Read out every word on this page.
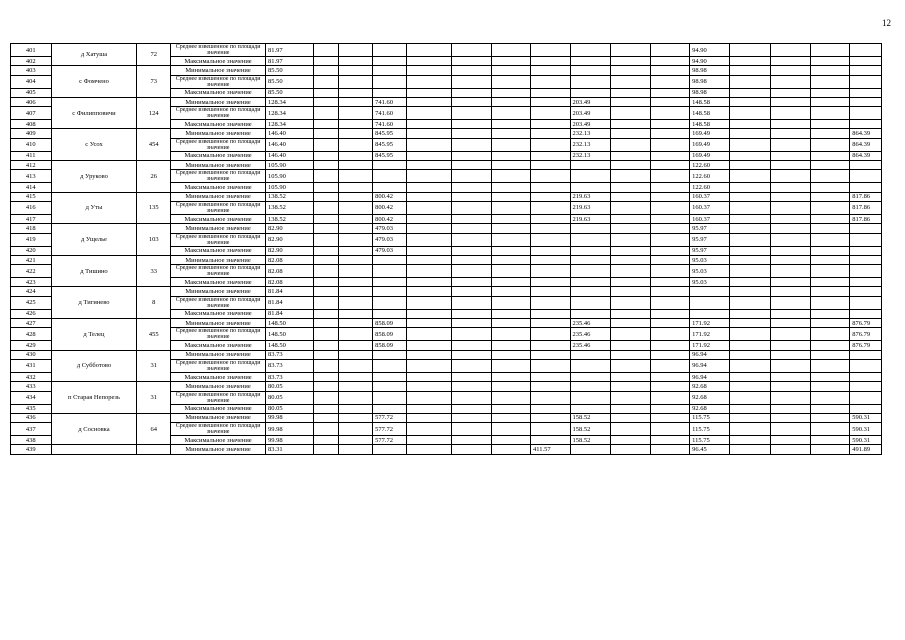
12
401	д Хатуша	72	Среднее взвешенное по площади значение	81.97											94.90				
402			Максимальное значение	81.97											94.90				
403	с Фомчено	73	Минимальное значение	85.50											98.98				
404			Среднее взвешенное по площади значение	85.50											98.98				
405			Максимальное значение	85.50											98.98				
406	с Филипповичи	124	Минимальное значение	128.34			741.60					203.49			148.58				
407			Среднее взвешенное по площади значение	128.34			741.60					203.49			148.58				
408			Максимальное значение	128.34			741.60					203.49			148.58				
409	с Усох	454	Минимальное значение	146.40			845.95					232.13			169.49				864.39
410			Среднее взвешенное по площади значение	146.40			845.95					232.13			169.49				864.39
411			Максимальное значение	146.40			845.95					232.13			169.49				864.39
412	д Уруково	26	Минимальное значение	105.90											122.60				
413			Среднее взвешенное по площади значение	105.90											122.60				
414			Максимальное значение	105.90											122.60				
415	д Уты	135	Минимальное значение	138.52			800.42					219.63			160.37				817.86
416			Среднее взвешенное по площади значение	138.52			800.42					219.63			160.37				817.86
417			Максимальное значение	138.52			800.42					219.63			160.37				817.86
418	д Ущелье	103	Минимальное значение	82.90			479.03								95.97				
419			Среднее взвешенное по площади значение	82.90			479.03								95.97				
420			Максимальное значение	82.90			479.03								95.97				
421	д Тишино	33	Минимальное значение	82.08											95.03				
422			Среднее взвешенное по площади значение	82.08											95.03				
423			Максимальное значение	82.08											95.03				
424	д Тигинево	8	Минимальное значение	81.84															
425			Среднее взвешенное по площади значение	81.84															
426			Максимальное значение	81.84															
427	д Телец	455	Минимальное значение	148.50			858.09					235.46			171.92				876.79
428			Среднее взвешенное по площади значение	148.50			858.09					235.46			171.92				876.79
429			Максимальное значение	148.50			858.09					235.46			171.92				876.79
430	д Субботово	31	Минимальное значение	83.73											96.94				
431			Среднее взвешенное по площади значение	83.73											96.94				
432			Максимальное значение	83.73											96.94				
433	п Старая Непорезь	31	Минимальное значение	80.05											92.68				
434			Среднее взвешенное по площади значение	80.05											92.68				
435			Максимальное значение	80.05											92.68				
436	д Сосновка	64	Минимальное значение	99.98			577.72					158.52			115.75				590.31
437			Среднее взвешенное по площади значение	99.98			577.72					158.52			115.75				590.31
438			Максимальное значение	99.98			577.72					158.52			115.75				590.31
439			Минимальное значение	83.31							411.57				96.45				491.89
